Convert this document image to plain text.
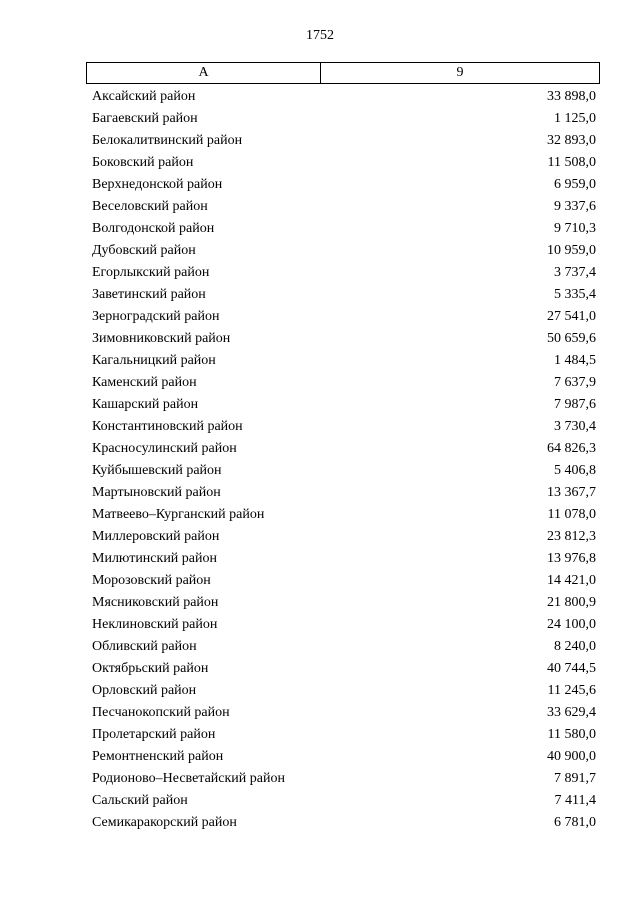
1752
А	9
Аксайский район	33 898,0
Багаевский район	1 125,0
Белокалитвинский район	32 893,0
Боковский район	11 508,0
Верхнедонской район	6 959,0
Веселовский район	9 337,6
Волгодонской район	9 710,3
Дубовский район	10 959,0
Егорлыкский район	3 737,4
Заветинский район	5 335,4
Зерноградский район	27 541,0
Зимовниковский район	50 659,6
Кагальницкий район	1 484,5
Каменский район	7 637,9
Кашарский район	7 987,6
Константиновский район	3 730,4
Красносулинский район	64 826,3
Куйбышевский район	5 406,8
Мартыновский район	13 367,7
Матвеево–Курганский район	11 078,0
Миллеровский район	23 812,3
Милютинский район	13 976,8
Морозовский район	14 421,0
Мясниковский район	21 800,9
Неклиновский район	24 100,0
Обливский район	8 240,0
Октябрьский район	40 744,5
Орловский район	11 245,6
Песчанокопский район	33 629,4
Пролетарский район	11 580,0
Ремонтненский район	40 900,0
Родионово–Несветайский район	7 891,7
Сальский район	7 411,4
Семикаракорский район	6 781,0
